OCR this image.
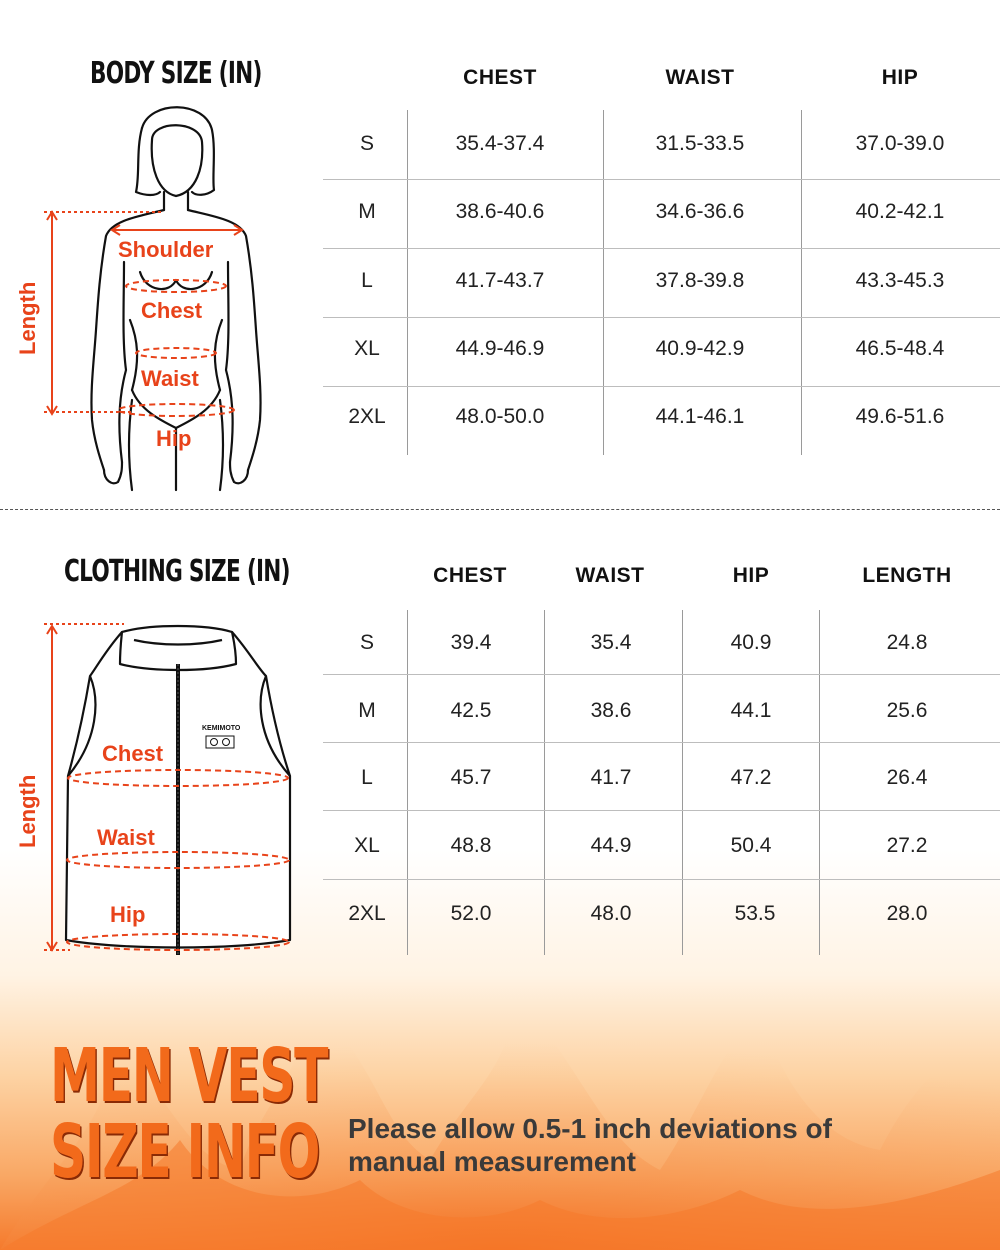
BODY SIZE (IN)
Shoulder
Chest
Waist
Hip
Length
CHEST	WAIST	HIP
S	35.4-37.4	31.5-33.5	37.0-39.0
M	38.6-40.6	34.6-36.6	40.2-42.1
L	41.7-43.7	37.8-39.8	43.3-45.3
XL	44.9-46.9	40.9-42.9	46.5-48.4
2XL	48.0-50.0	44.1-46.1	49.6-51.6
CLOTHING SIZE (IN)
KEMIMOTO
Chest
Waist
Hip
Length
CHEST	WAIST	HIP	LENGTH
S	39.4	35.4	40.9	24.8
M	42.5	38.6	44.1	25.6
L	45.7	41.7	47.2	26.4
XL	48.8	44.9	50.4	27.2
2XL	52.0	48.0	53.5	28.0
MEN VEST
SIZE INFO Please allow 0.5-1 inch deviations of manual measurement
